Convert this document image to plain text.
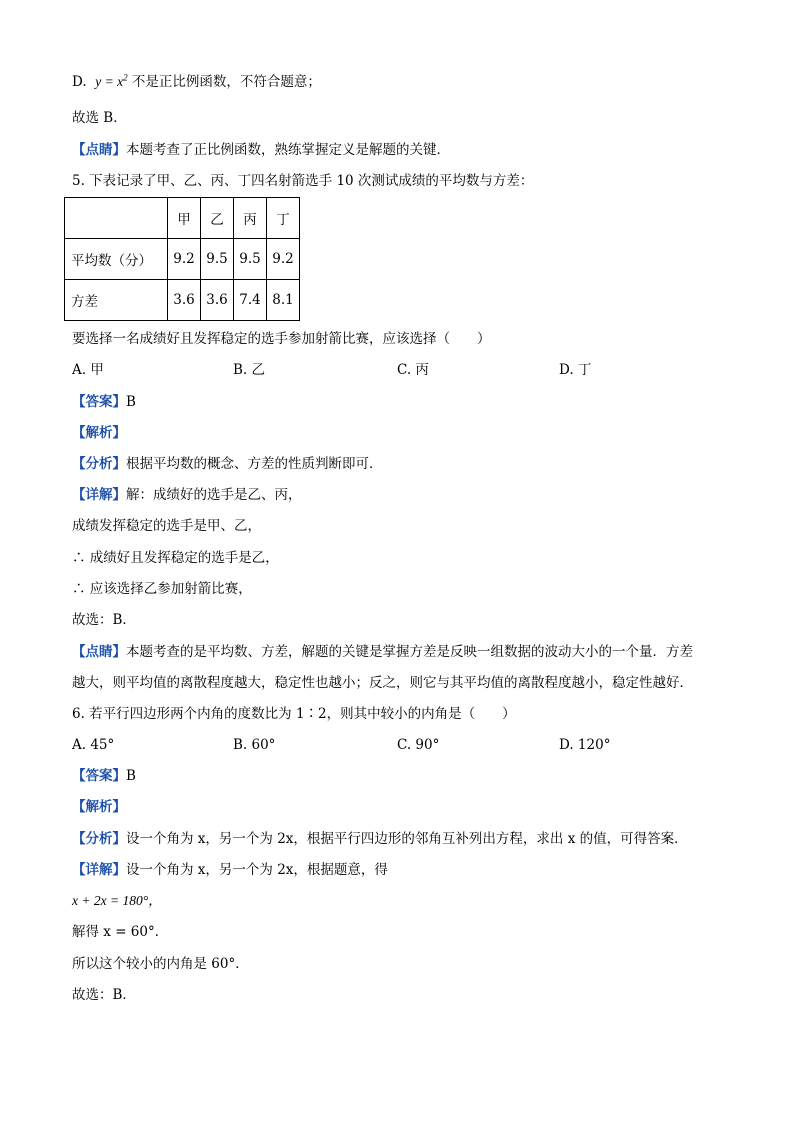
D. $y = x^2$ 不是正比例函数，不符合题意；
故选 B．
【点睛】本题考查了正比例函数，熟练掌握定义是解题的关键．
5. 下表记录了甲、乙、丙、丁四名射箭选手 10 次测试成绩的平均数与方差：
	甲	乙	丙	丁
平均数（分）	9.2	9.5	9.5	9.2
方差	3.6	3.6	7.4	8.1
要选择一名成绩好且发挥稳定的选手参加射箭比赛，应该选择（　　）
A. 甲	B. 乙	C. 丙	D. 丁
【答案】B
【解析】
【分析】根据平均数的概念、方差的性质判断即可．
【详解】解：成绩好的选手是乙、丙，
成绩发挥稳定的选手是甲、乙，
∴ 成绩好且发挥稳定的选手是乙，
∴ 应该选择乙参加射箭比赛，
故选：B．
【点睛】本题考查的是平均数、方差，解题的关键是掌握方差是反映一组数据的波动大小的一个量．方差
越大，则平均值的离散程度越大，稳定性也越小；反之，则它与其平均值的离散程度越小，稳定性越好．
6. 若平行四边形两个内角的度数比为 1∶2，则其中较小的内角是（　　）
A. 45°	B. 60°	C. 90°	D. 120°
【答案】B
【解析】
【分析】设一个角为 x，另一个为 2x，根据平行四边形的邻角互补列出方程，求出 x 的值，可得答案．
【详解】设一个角为 x，另一个为 2x，根据题意，得
x + 2x = 180°，
解得 x = 60°．
所以这个较小的内角是 60°．
故选：B．
